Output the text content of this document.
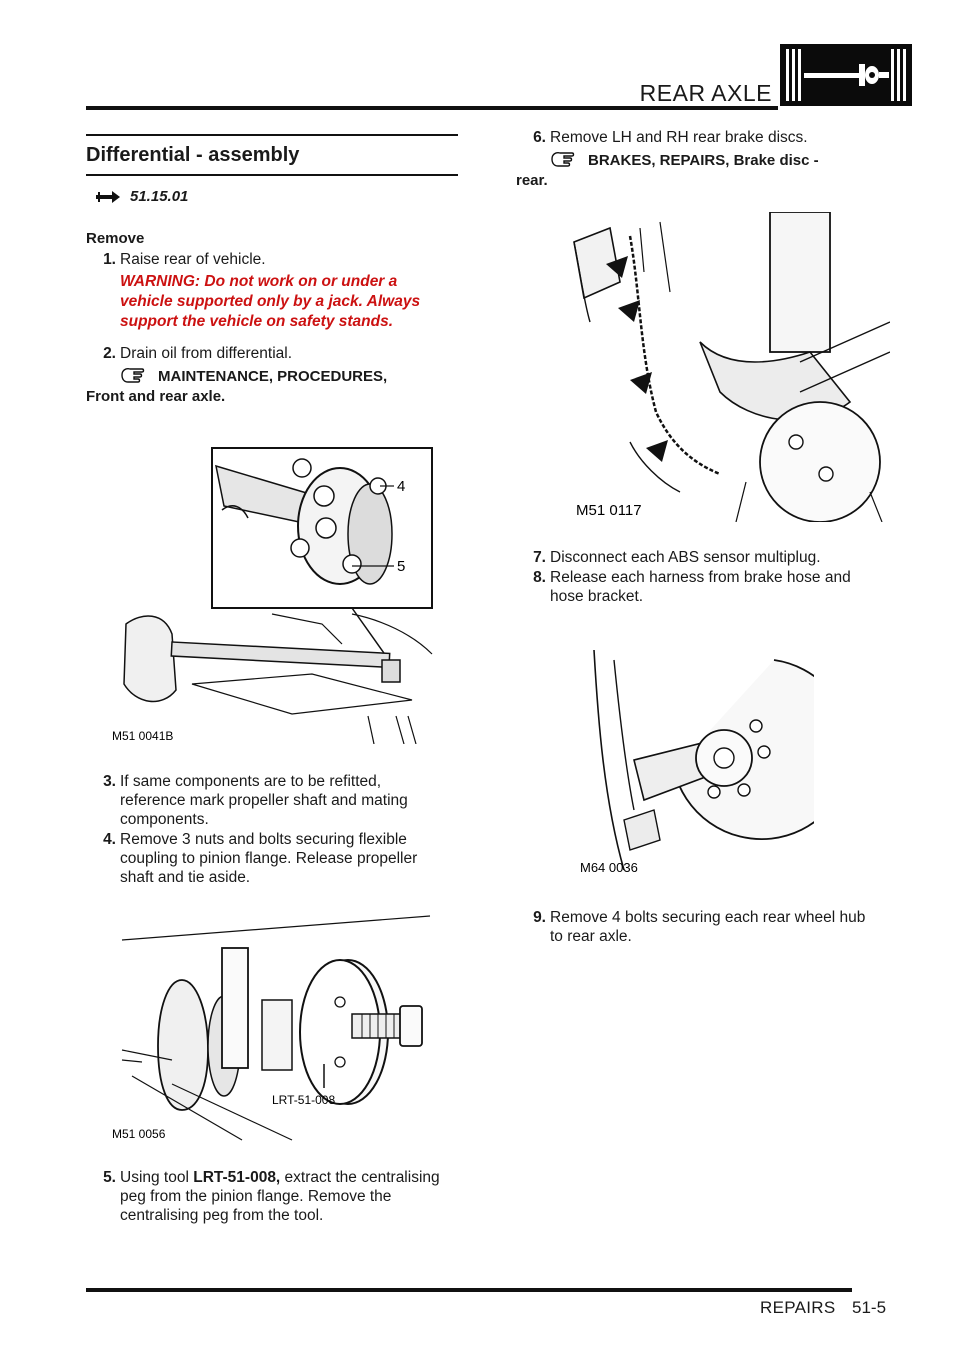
REAR AXLE
Differential - assembly
51.15.01
Remove
1. Raise rear of vehicle.
WARNING: Do not work on or under a
vehicle supported only by a jack. Always
support the vehicle on safety stands.
2. Drain oil from differential.
MAINTENANCE, PROCEDURES,
Front and rear axle.
4
5
M51 0041B
3. If same components are to be refitted,
reference mark propeller shaft and mating
components.
4. Remove 3 nuts and bolts securing flexible
coupling to pinion flange. Release propeller
shaft and tie aside.
LRT-51-008
M51 0056
5. Using tool LRT-51-008, extract the centralising
peg from the pinion flange. Remove the
centralising peg from the tool.
6. Remove LH and RH rear brake discs.
BRAKES, REPAIRS, Brake disc -
rear.
M51 0117
7. Disconnect each ABS sensor multiplug.
8. Release each harness from brake hose and
hose bracket.
M64 0036
9. Remove 4 bolts securing each rear wheel hub
to rear axle.
REPAIRS 51-5
